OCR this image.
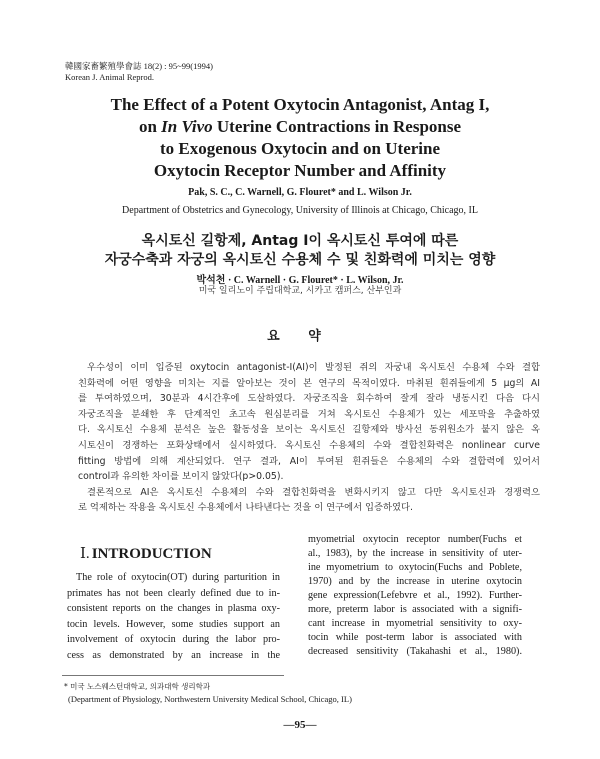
韓國家畜繁殖學會誌 18(2) : 95~99(1994)
Korean J. Animal Reprod.
The Effect of a Potent Oxytocin Antagonist, Antag I,
on In Vivo Uterine Contractions in Response
to Exogenous Oxytocin and on Uterine
Oxytocin Receptor Number and Affinity
Pak, S. C., C. Warnell, G. Flouret* and L. Wilson Jr.
Department of Obstetrics and Gynecology, University of Illinois at Chicago, Chicago, IL
옥시토신 길항제, Antag I이 옥시토신 투여에 따른
자궁수축과 자궁의 옥시토신 수용체 수 및 친화력에 미치는 영향
박석천 · C. Warnell · G. Flouret* · L. Wilson, Jr.
미국 일리노이 주립대학교, 시카고 캠퍼스, 산부인과
요 약
우수성이 이미 입증된 oxytocin antagonist-I(AI)이 발정된 쥐의 자궁내 옥시토신 수용체 수와 결합
친화력에 어떤 영향을 미치는 지를 알아보는 것이 본 연구의 목적이였다. 마취된 흰쥐들에게 5 μg의 AI
를 투여하였으며, 30분과 4시간후에 도살하였다. 자궁조직을 회수하여 잘게 잘라 냉동시킨 다음 다시
자궁조직을 분쇄한 후 단계적인 초고속 원심분리를 거쳐 옥시토신 수용체가 있는 세포막을 추출하였
다. 옥시토신 수용체 분석은 높은 활동성을 보이는 옥시토신 길항제와 방사선 동위원소가 붙지 않은 옥
시토신이 경쟁하는 포화상태에서 실시하였다. 옥시토신 수용체의 수와 결합친화력은 nonlinear curve
fitting 방법에 의해 계산되었다. 연구 결과, AI이 투여된 흰쥐들은 수용체의 수와 결합력에 있어서
control과 유의한 차이를 보이지 않았다(p>0.05).
결론적으로 AI은 옥시토신 수용체의 수와 결합친화력을 변화시키지 않고 다만 옥시토신과 경쟁력으
로 억제하는 작용을 옥시토신 수용체에서 나타낸다는 것을 이 연구에서 입증하였다.
Ⅰ. INTRODUCTION
The role of oxytocin(OT) during parturition in
primates has not been clearly defined due to in-
consistent reports on the changes in plasma oxy-
tocin levels. However, some studies support an
involvement of oxytocin during the labor pro-
cess as demonstrated by an increase in the
myometrial oxytocin receptor number(Fuchs et
al., 1983), by the increase in sensitivity of uter-
ine myometrium to oxytocin(Fuchs and Poblete,
1970) and by the increase in uterine oxytocin
gene expression(Lefebvre et al., 1992). Further-
more, preterm labor is associated with a signifi-
cant increase in myometrial sensitivity to oxy-
tocin while post-term labor is associated with
decreased sensitivity (Takahashi et al., 1980).
* 미국 노스웨스턴대학교, 의과대학 생리학과
(Department of Physiology, Northwestern University Medical School, Chicago, IL)
—95—
